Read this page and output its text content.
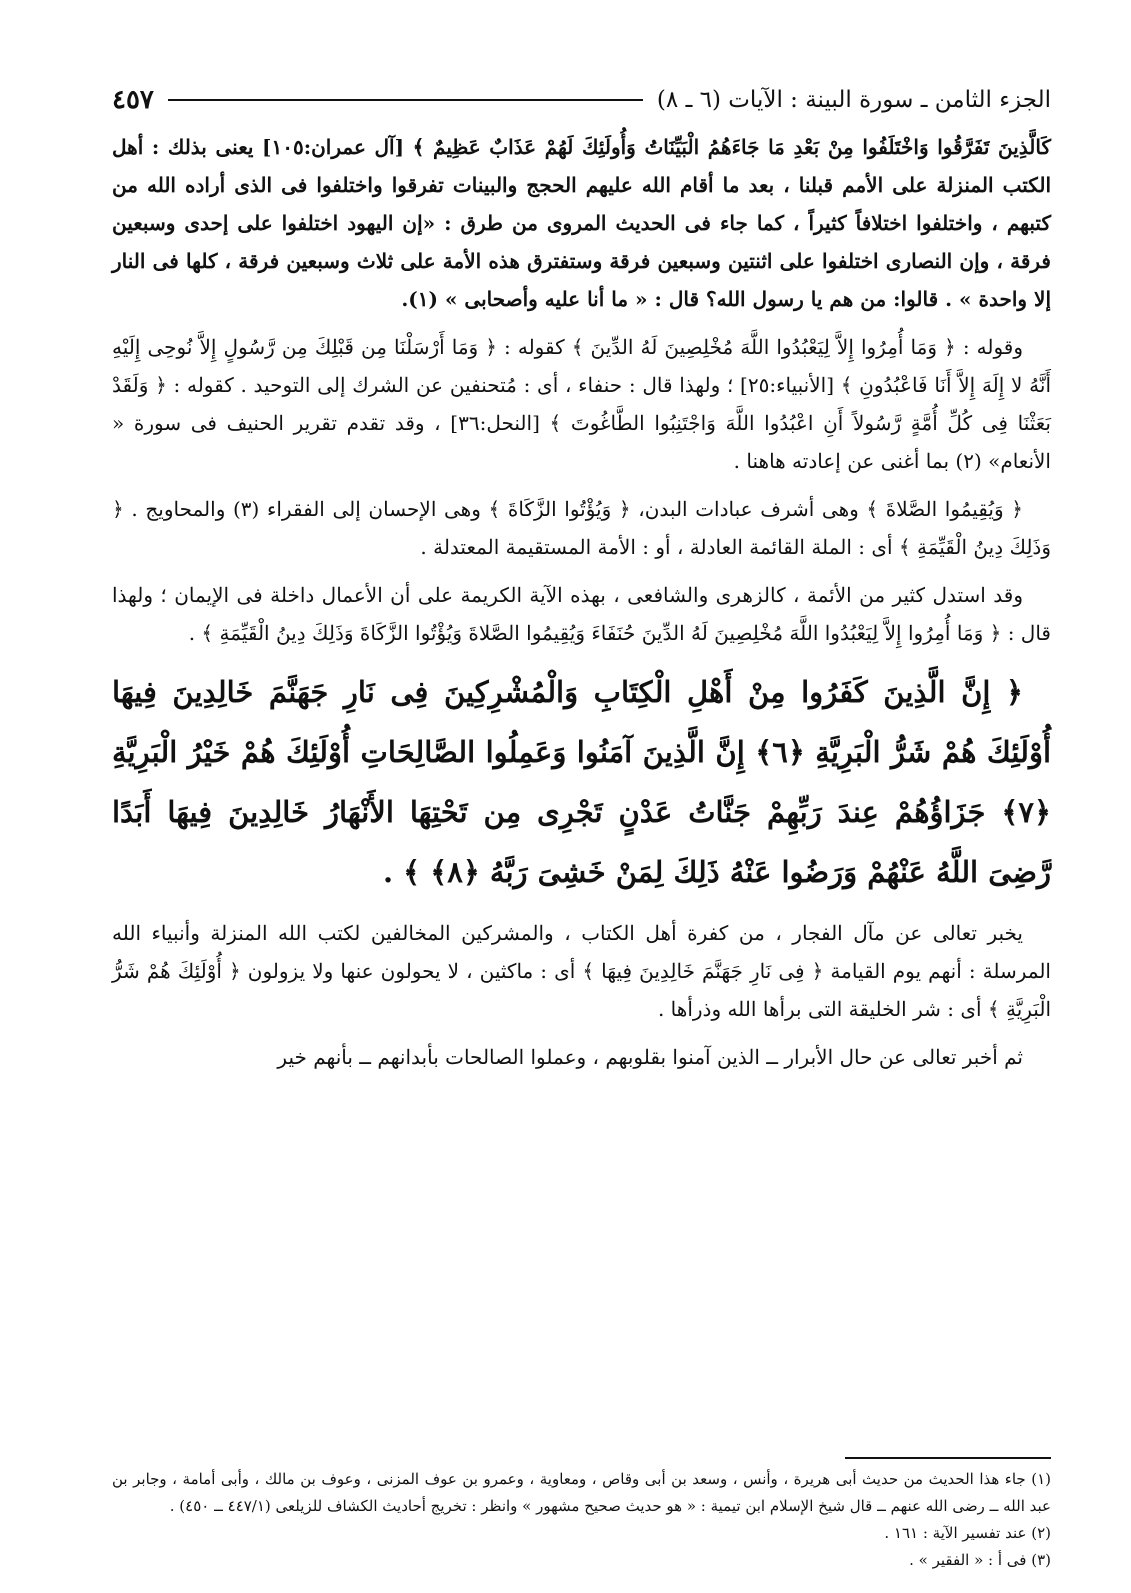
الجزء الثامن ـ سورة البينة : الآيات (٦ ـ ٨)
٤٥٧

كَالَّذِينَ تَفَرَّقُوا وَاخْتَلَفُوا مِنْ بَعْدِ مَا جَاءَهُمُ الْبَيِّنَاتُ وَأُولَئِكَ لَهُمْ عَذَابٌ عَظِيمٌ ﴾ [آل عمران:١٠٥] يعنى بذلك : أهل الكتب المنزلة على الأمم قبلنا ، بعد ما أقام الله عليهم الحجج والبينات تفرقوا واختلفوا فى الذى أراده الله من كتبهم ، واختلفوا اختلافاً كثيراً ، كما جاء فى الحديث المروى من طرق : «إن اليهود اختلفوا على إحدى وسبعين فرقة ، وإن النصارى اختلفوا على اثنتين وسبعين فرقة وستفترق هذه الأمة على ثلاث وسبعين فرقة ، كلها فى النار إلا واحدة » . قالوا: من هم يا رسول الله؟ قال : « ما أنا عليه وأصحابى » (١).

وقوله : ﴿ وَمَا أُمِرُوا إِلاَّ لِيَعْبُدُوا اللَّهَ مُخْلِصِينَ لَهُ الدِّينَ ﴾ كقوله : ﴿ وَمَا أَرْسَلْنَا مِن قَبْلِكَ مِن رَّسُولٍ إِلاَّ نُوحِى إِلَيْهِ أَنَّهُ لا إِلَهَ إِلاَّ أَنَا فَاعْبُدُونِ ﴾ [الأنبياء:٢٥] ؛ ولهذا قال : حنفاء ، أى : مُتحنفين عن الشرك إلى التوحيد . كقوله : ﴿ وَلَقَدْ بَعَثْنَا فِى كُلِّ أُمَّةٍ رَّسُولاً أَنِ اعْبُدُوا اللَّهَ وَاجْتَنِبُوا الطَّاغُوتَ ﴾ [النحل:٣٦] ، وقد تقدم تقرير الحنيف فى سورة « الأنعام» (٢) بما أغنى عن إعادته هاهنا .

﴿ وَيُقِيمُوا الصَّلاةَ ﴾ وهى أشرف عبادات البدن، ﴿ وَيُؤْتُوا الزَّكَاةَ ﴾ وهى الإحسان إلى الفقراء (٣) والمحاويج . ﴿ وَذَلِكَ دِينُ الْقَيِّمَةِ ﴾ أى : الملة القائمة العادلة ، أو : الأمة المستقيمة المعتدلة .

وقد استدل كثير من الأئمة ، كالزهرى والشافعى ، بهذه الآية الكريمة على أن الأعمال داخلة فى الإيمان ؛ ولهذا قال : ﴿ وَمَا أُمِرُوا إِلاَّ لِيَعْبُدُوا اللَّهَ مُخْلِصِينَ لَهُ الدِّينَ حُنَفَاءَ وَيُقِيمُوا الصَّلاةَ وَيُؤْتُوا الزَّكَاةَ وَذَلِكَ دِينُ الْقَيِّمَةِ ﴾ .

﴿ إِنَّ الَّذِينَ كَفَرُوا مِنْ أَهْلِ الْكِتَابِ وَالْمُشْرِكِينَ فِى نَارِ جَهَنَّمَ خَالِدِينَ فِيهَا أُوْلَئِكَ هُمْ شَرُّ الْبَرِيَّةِ ﴿٦﴾ إِنَّ الَّذِينَ آمَنُوا وَعَمِلُوا الصَّالِحَاتِ أُوْلَئِكَ هُمْ خَيْرُ الْبَرِيَّةِ ﴿٧﴾ جَزَاؤُهُمْ عِندَ رَبِّهِمْ جَنَّاتُ عَدْنٍ تَجْرِى مِن تَحْتِهَا الأَنْهَارُ خَالِدِينَ فِيهَا أَبَدًا رَّضِىَ اللَّهُ عَنْهُمْ وَرَضُوا عَنْهُ ذَلِكَ لِمَنْ خَشِىَ رَبَّهُ ﴿٨﴾ ﴾ .

يخبر تعالى عن مآل الفجار ، من كفرة أهل الكتاب ، والمشركين المخالفين لكتب الله المنزلة وأنبياء الله المرسلة : أنهم يوم القيامة ﴿ فِى نَارِ جَهَنَّمَ خَالِدِينَ فِيهَا ﴾ أى : ماكثين ، لا يحولون عنها ولا يزولون ﴿ أُوْلَئِكَ هُمْ شَرُّ الْبَرِيَّةِ ﴾ أى : شر الخليقة التى برأها الله وذرأها .

ثم أخبر تعالى عن حال الأبرار ــ الذين آمنوا بقلوبهم ، وعملوا الصالحات بأبدانهم ــ بأنهم خير

(١) جاء هذا الحديث من حديث أبى هريرة ، وأنس ، وسعد بن أبى وقاص ، ومعاوية ، وعمرو بن عوف المزنى ، وعوف بن مالك ، وأبى أمامة ، وجابر بن عبد الله ــ رضى الله عنهم ــ قال شيخ الإسلام ابن تيمية : « هو حديث صحيح مشهور » وانظر : تخريج أحاديث الكشاف للزيلعى (٤٤٧/١ ــ ٤٥٠) .

(٢) عند تفسير الآية : ١٦١ .

(٣) فى أ : « الفقير » .
